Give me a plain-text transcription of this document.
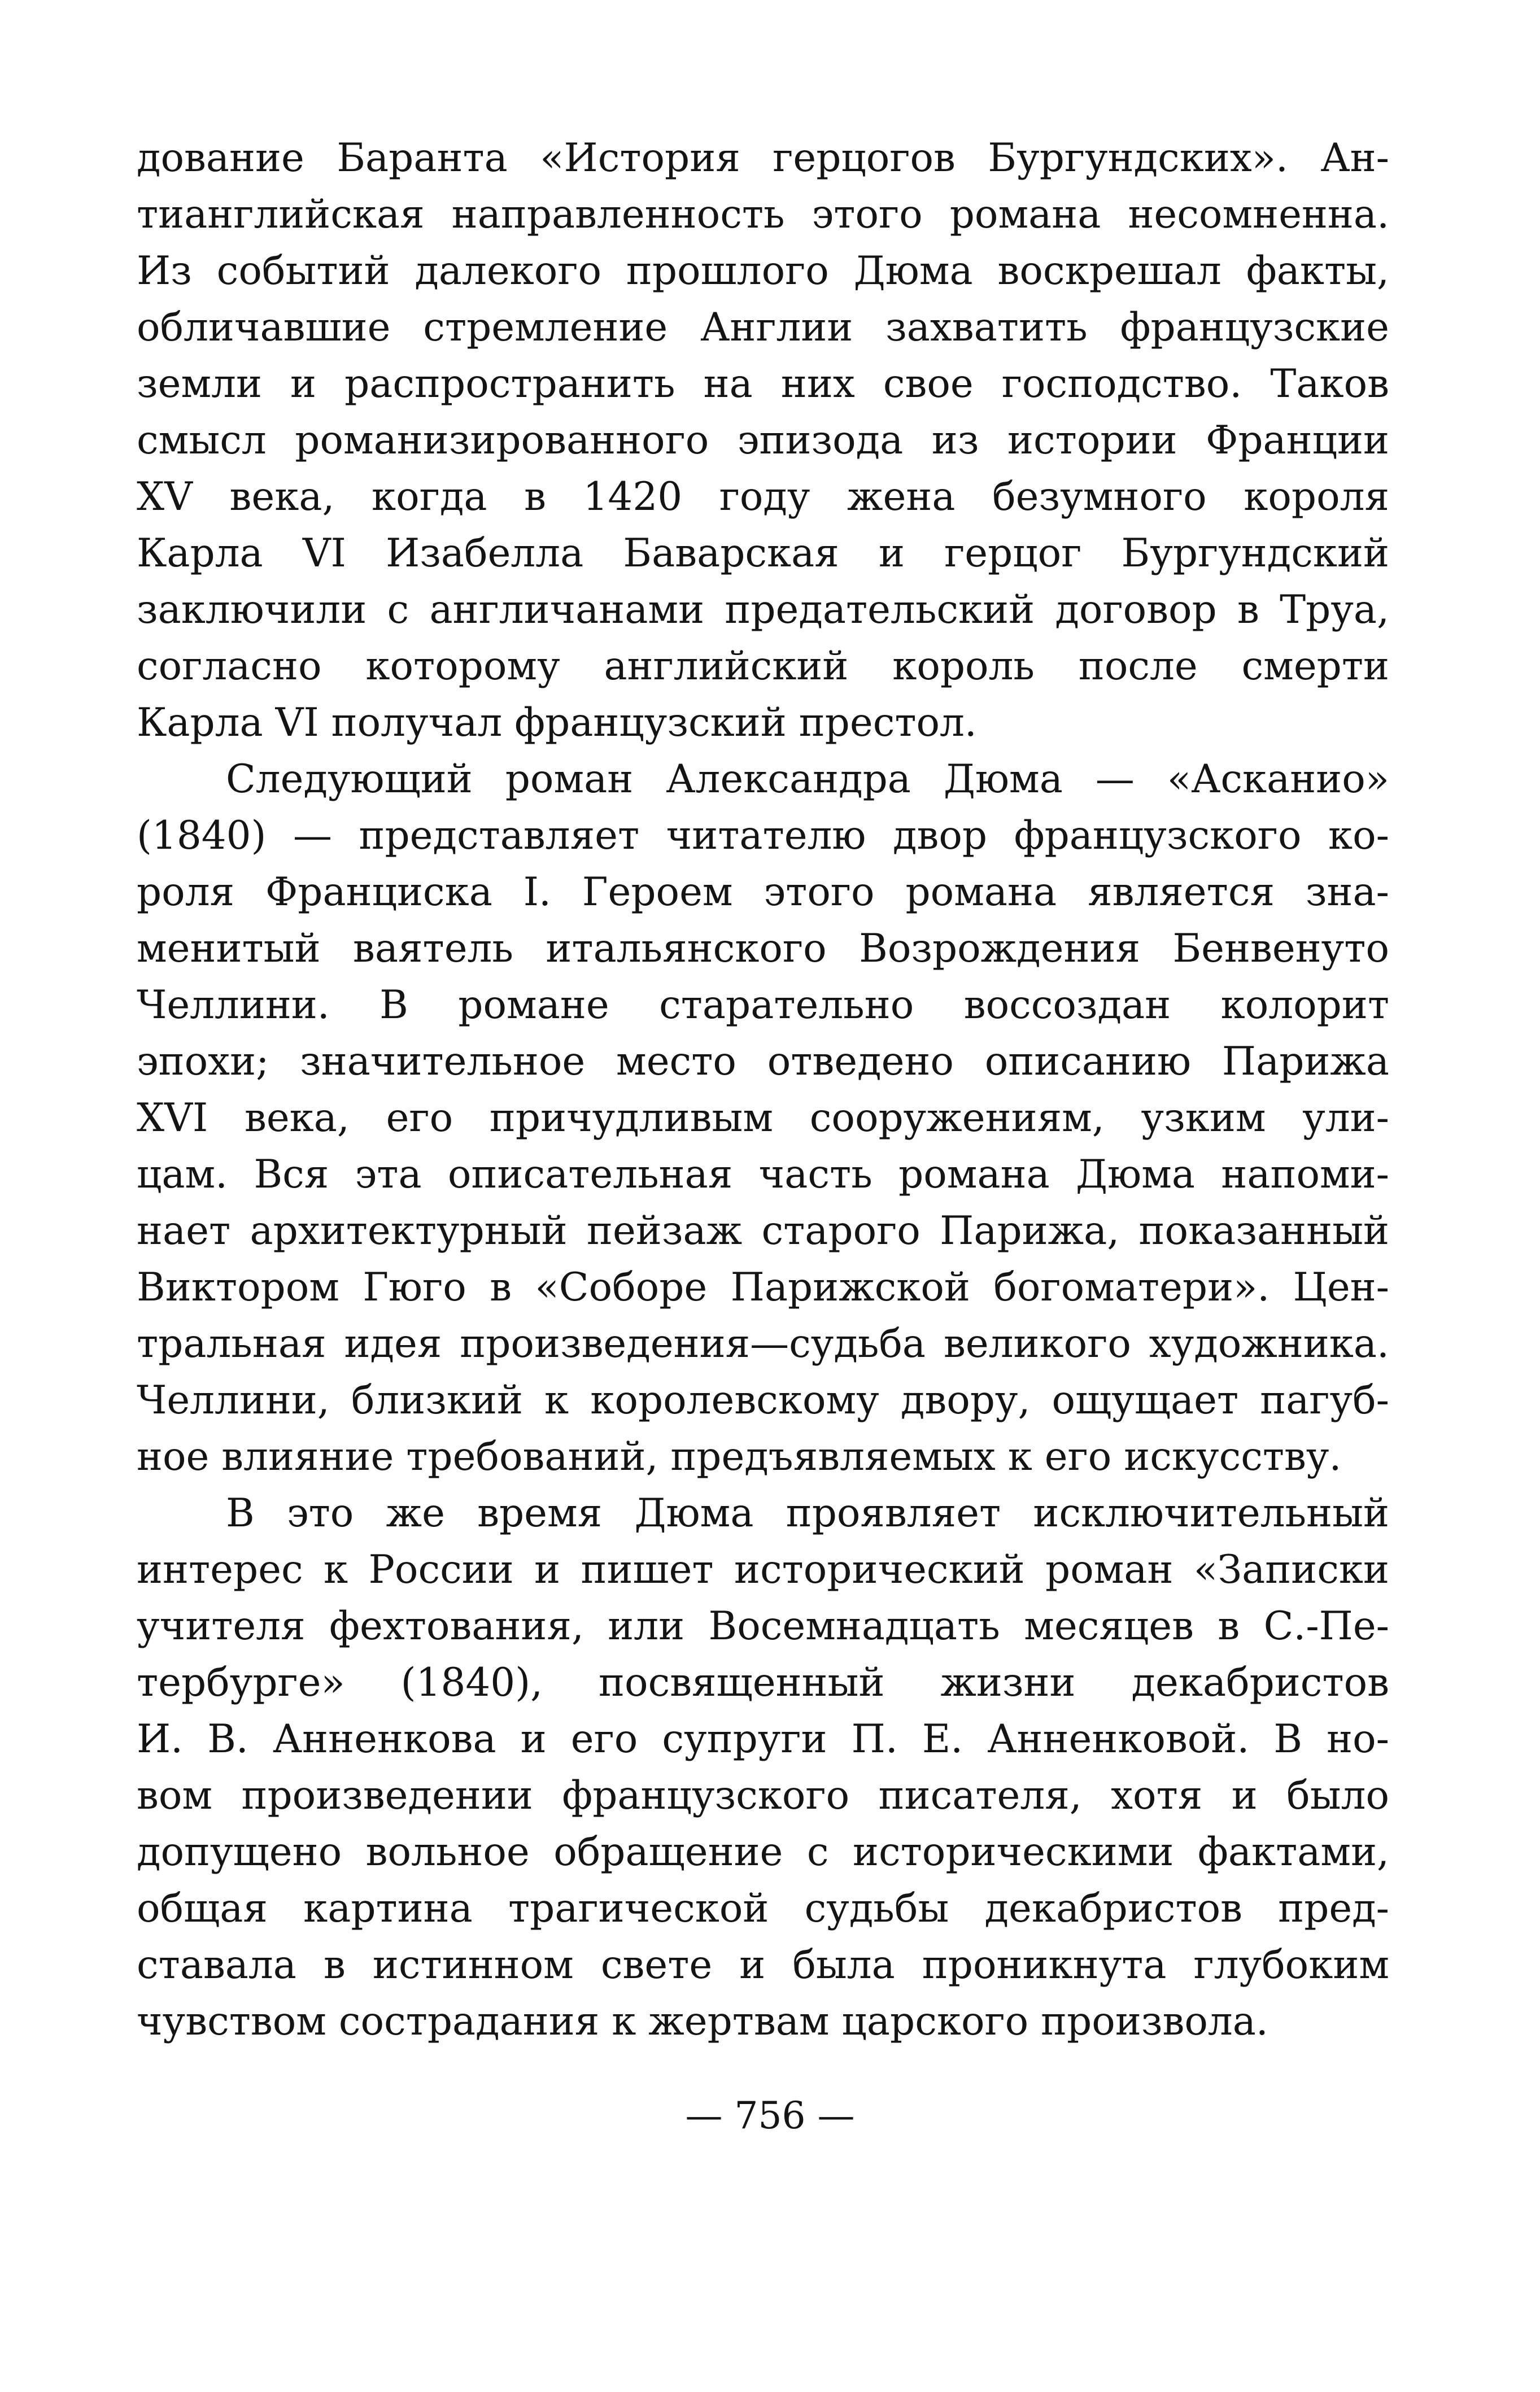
дование Баранта «История герцогов Бургундских». Ан-
тианглийская направленность этого романа несомненна.
Из событий далекого прошлого Дюма воскрешал факты,
обличавшие стремление Англии захватить французские
земли и распространить на них свое господство. Таков
смысл романизированного эпизода из истории Франции
XV века, когда в 1420 году жена безумного короля
Карла VI Изабелла Баварская и герцог Бургундский
заключили с англичанами предательский договор в Труа,
согласно которому английский король после смерти
Карла VI получал французский престол.
Следующий роман Александра Дюма — «Асканио»
(1840) — представляет читателю двор французского ко-
роля Франциска I. Героем этого романа является зна-
менитый ваятель итальянского Возрождения Бенвенуто
Челлини. В романе старательно воссоздан колорит
эпохи; значительное место отведено описанию Парижа
XVI века, его причудливым сооружениям, узким ули-
цам. Вся эта описательная часть романа Дюма напоми-
нает архитектурный пейзаж старого Парижа, показанный
Виктором Гюго в «Соборе Парижской богоматери». Цен-
тральная идея произведения—судьба великого художника.
Челлини, близкий к королевскому двору, ощущает пагуб-
ное влияние требований, предъявляемых к его искусству.
В это же время Дюма проявляет исключительный
интерес к России и пишет исторический роман «Записки
учителя фехтования, или Восемнадцать месяцев в С.-Пе-
тербурге» (1840), посвященный жизни декабристов
И. В. Анненкова и его супруги П. Е. Анненковой. В но-
вом произведении французского писателя, хотя и было
допущено вольное обращение с историческими фактами,
общая картина трагической судьбы декабристов пред-
ставала в истинном свете и была проникнута глубоким
чувством сострадания к жертвам царского произвола.
— 756 —
